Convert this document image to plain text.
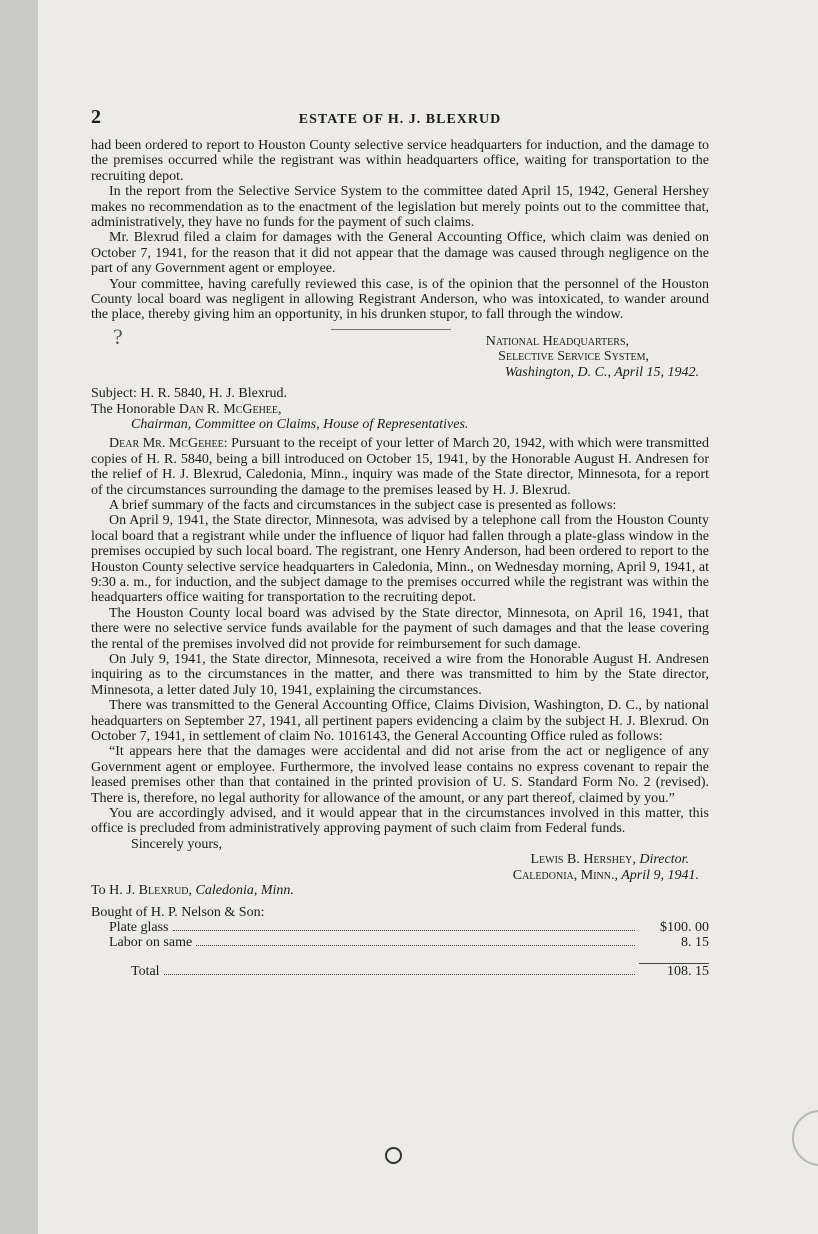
?
2	ESTATE OF H. J. BLEXRUD

had been ordered to report to Houston County selective service headquarters for induction, and the damage to the premises occurred while the registrant was within headquarters office, waiting for transportation to the recruiting depot.

In the report from the Selective Service System to the committee dated April 15, 1942, General Hershey makes no recommendation as to the enactment of the legislation but merely points out to the committee that, administratively, they have no funds for the payment of such claims.

Mr. Blexrud filed a claim for damages with the General Accounting Office, which claim was denied on October 7, 1941, for the reason that it did not appear that the damage was caused through negligence on the part of any Government agent or employee.

Your committee, having carefully reviewed this case, is of the opinion that the personnel of the Houston County local board was negligent in allowing Registrant Anderson, who was intoxicated, to wander around the place, thereby giving him an opportunity, in his drunken stupor, to fall through the window.

National Headquarters,

Selective Service System,

Washington, D. C., April 15, 1942.

Subject: H. R. 5840, H. J. Blexrud.

The Honorable Dan R. McGehee,

Chairman, Committee on Claims, House of Representatives.

Dear Mr. McGehee: Pursuant to the receipt of your letter of March 20, 1942, with which were transmitted copies of H. R. 5840, being a bill introduced on October 15, 1941, by the Honorable August H. Andresen for the relief of H. J. Blexrud, Caledonia, Minn., inquiry was made of the State director, Minnesota, for a report of the circumstances surrounding the damage to the premises leased by H. J. Blexrud.

A brief summary of the facts and circumstances in the subject case is presented as follows:

On April 9, 1941, the State director, Minnesota, was advised by a telephone call from the Houston County local board that a registrant while under the influence of liquor had fallen through a plate-glass window in the premises occupied by such local board. The registrant, one Henry Anderson, had been ordered to report to the Houston County selective service headquarters in Caledonia, Minn., on Wednesday morning, April 9, 1941, at 9:30 a. m., for induction, and the subject damage to the premises occurred while the registrant was within the headquarters office waiting for transportation to the recruiting depot.

The Houston County local board was advised by the State director, Minnesota, on April 16, 1941, that there were no selective service funds available for the payment of such damages and that the lease covering the rental of the premises involved did not provide for reimbursement for such damage.

On July 9, 1941, the State director, Minnesota, received a wire from the Honorable August H. Andresen inquiring as to the circumstances in the matter, and there was transmitted to him by the State director, Minnesota, a letter dated July 10, 1941, explaining the circumstances.

There was transmitted to the General Accounting Office, Claims Division, Washington, D. C., by national headquarters on September 27, 1941, all pertinent papers evidencing a claim by the subject H. J. Blexrud. On October 7, 1941, in settlement of claim No. 1016143, the General Accounting Office ruled as follows:

“It appears here that the damages were accidental and did not arise from the act or negligence of any Government agent or employee. Furthermore, the involved lease contains no express covenant to repair the leased premises other than that contained in the printed provision of U. S. Standard Form No. 2 (revised). There is, therefore, no legal authority for allowance of the amount, or any part thereof, claimed by you.”

You are accordingly advised, and it would appear that in the circumstances involved in this matter, this office is precluded from administratively approving payment of such claim from Federal funds.

Sincerely yours,

Lewis B. Hershey, Director.

Caledonia, Minn., April 9, 1941.

To H. J. Blexrud, Caledonia, Minn.

Bought of H. P. Nelson & Son:

Plate glass	$100. 00
Labor on same	8. 15
Total	108. 15
